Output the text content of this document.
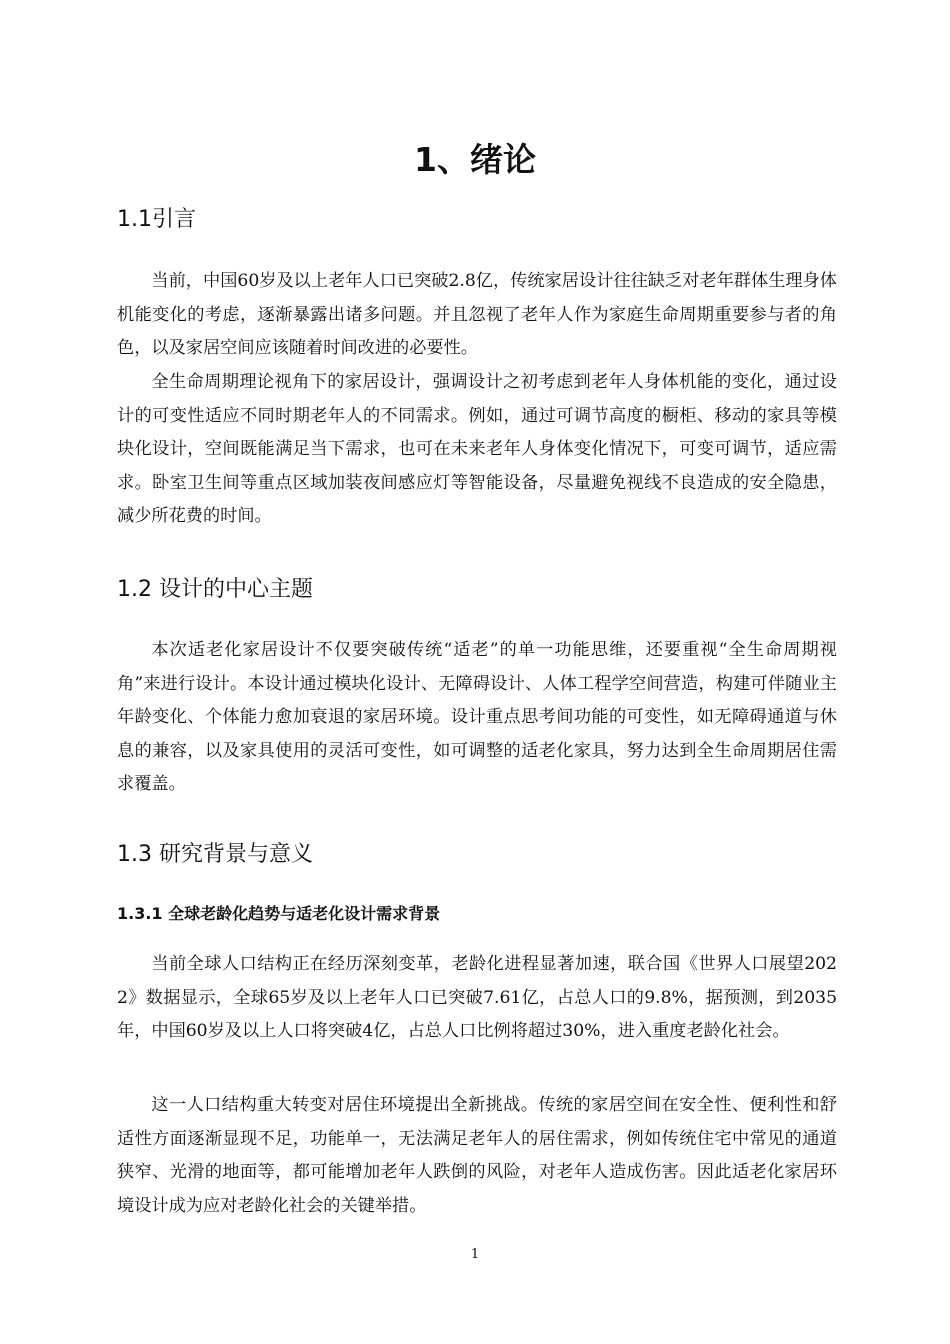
1、绪论
1.1引言

当前，中国60岁及以上老年人口已突破2.8亿，传统家居设计往往缺乏对老年群体生理身体机能变化的考虑，逐渐暴露出诸多问题。并且忽视了老年人作为家庭生命周期重要参与者的角色，以及家居空间应该随着时间改进的必要性。

全生命周期理论视角下的家居设计，强调设计之初考虑到老年人身体机能的变化，通过设计的可变性适应不同时期老年人的不同需求。例如，通过可调节高度的橱柜、移动的家具等模块化设计，空间既能满足当下需求，也可在未来老年人身体变化情况下，可变可调节，适应需求。卧室卫生间等重点区域加装夜间感应灯等智能设备，尽量避免视线不良造成的安全隐患，减少所花费的时间。

1.2 设计的中心主题

本次适老化家居设计不仅要突破传统“适老”的单一功能思维，还要重视“全生命周期视角”来进行设计。本设计通过模块化设计、无障碍设计、人体工程学空间营造，构建可伴随业主年龄变化、个体能力愈加衰退的家居环境。设计重点思考间功能的可变性，如无障碍通道与休息的兼容，以及家具使用的灵活可变性，如可调整的适老化家具，努力达到全生命周期居住需求覆盖。

1.3 研究背景与意义
1.3.1 全球老龄化趋势与适老化设计需求背景

当前全球人口结构正在经历深刻变革，老龄化进程显著加速，联合国《世界人口展望2022》数据显示，全球65岁及以上老年人口已突破7.61亿，占总人口的9.8%，据预测，到2035年，中国60岁及以上人口将突破4亿，占总人口比例将超过30%，进入重度老龄化社会。

这一人口结构重大转变对居住环境提出全新挑战。传统的家居空间在安全性、便利性和舒适性方面逐渐显现不足，功能单一，无法满足老年人的居住需求，例如传统住宅中常见的通道狭窄、光滑的地面等，都可能增加老年人跌倒的风险，对老年人造成伤害。因此适老化家居环境设计成为应对老龄化社会的关键举措。

1
